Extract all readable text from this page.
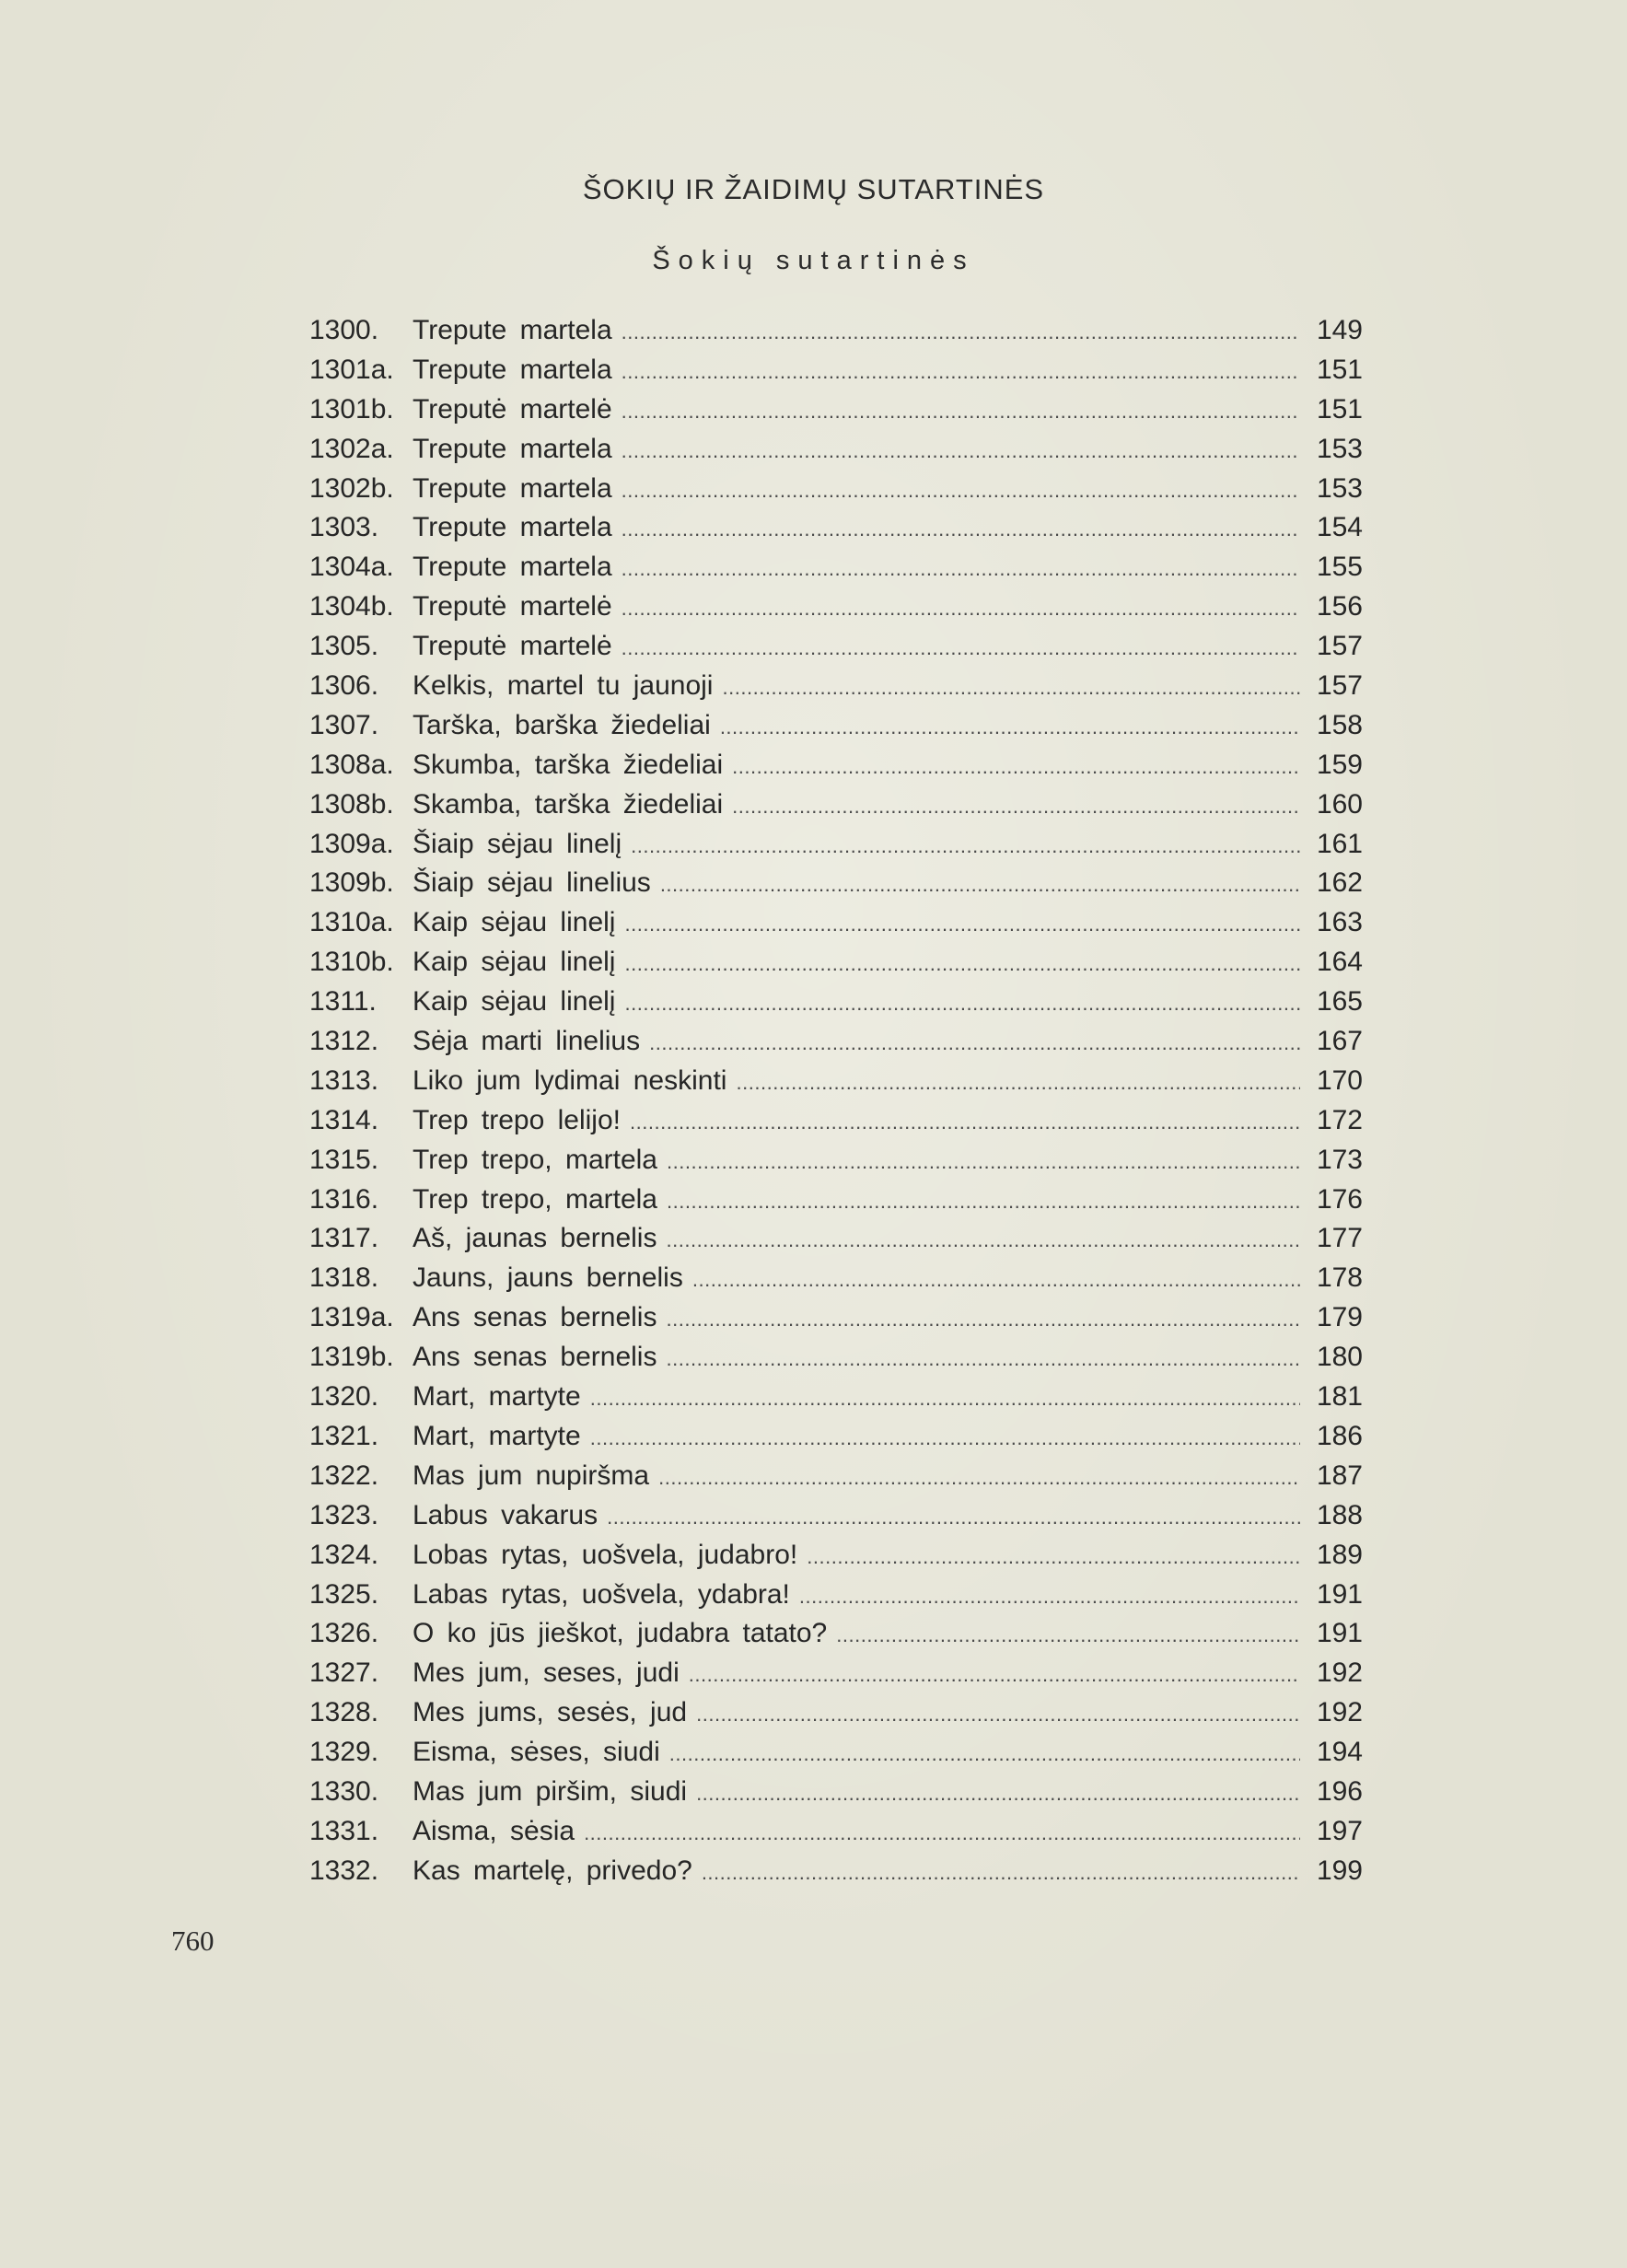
ŠOKIŲ IR ŽAIDIMŲ SUTARTINĖS
Šokių sutartinės
1300.	Trepute martela . . .	149
1301a. Trepute martela . . .	151
1301b. Treputė martelė . . .	151
1302a. Trepute martela . . .	153
1302b. Trepute martela . . .	153
1303.	Trepute martela . . .	154
1304a. Trepute martela . . .	155
1304b. Treputė martelė . . .	156
1305.	Treputė martelė . . .	157
1306.	Kelkis, martel tu jaunoji . . .	157
1307.	Tarška, barška žiedeliai . . .	158
1308a. Skumba, tarška žiedeliai . . .	159
1308b. Skamba, tarška žiedeliai . . .	160
1309a. Šiaip sėjau linelį . . .	161
1309b. Šiaip sėjau linelius . . .	162
1310a. Kaip sėjau linelį . . .	163
1310b. Kaip sėjau linelį . . .	164
1311.	Kaip sėjau linelį . . .	165
1312.	Sėja marti linelius . . .	167
1313.	Liko jum lydimai neskinti . . .	170
1314.	Trep trepo lelijo! . . .	172
1315.	Trep trepo, martela . . .	173
1316.	Trep trepo, martela . . .	176
1317.	Aš, jaunas bernelis . . .	177
1318.	Jauns, jauns bernelis . . .	178
1319a. Ans senas bernelis . . .	179
1319b. Ans senas bernelis . . .	180
1320.	Mart, martyte . . .	181
1321.	Mart, martyte . . .	186
1322.	Mas jum nupiršma . . .	187
1323.	Labus vakarus . . .	188
1324.	Lobas rytas, uošvela, judabro! . . .	189
1325.	Labas rytas, uošvela, ydabra! . . .	191
1326.	O ko jūs jieškot, judabra tatato? . . .	191
1327.	Mes jum, seses, judi . . .	192
1328.	Mes jums, sesės, jud . . .	192
1329.	Eisma, sėses, siudi . . .	194
1330.	Mas jum piršim, siudi . . .	196
1331.	Aisma, sėsia . . .	197
1332.	Kas martelę, privedo? . . .	199
760
